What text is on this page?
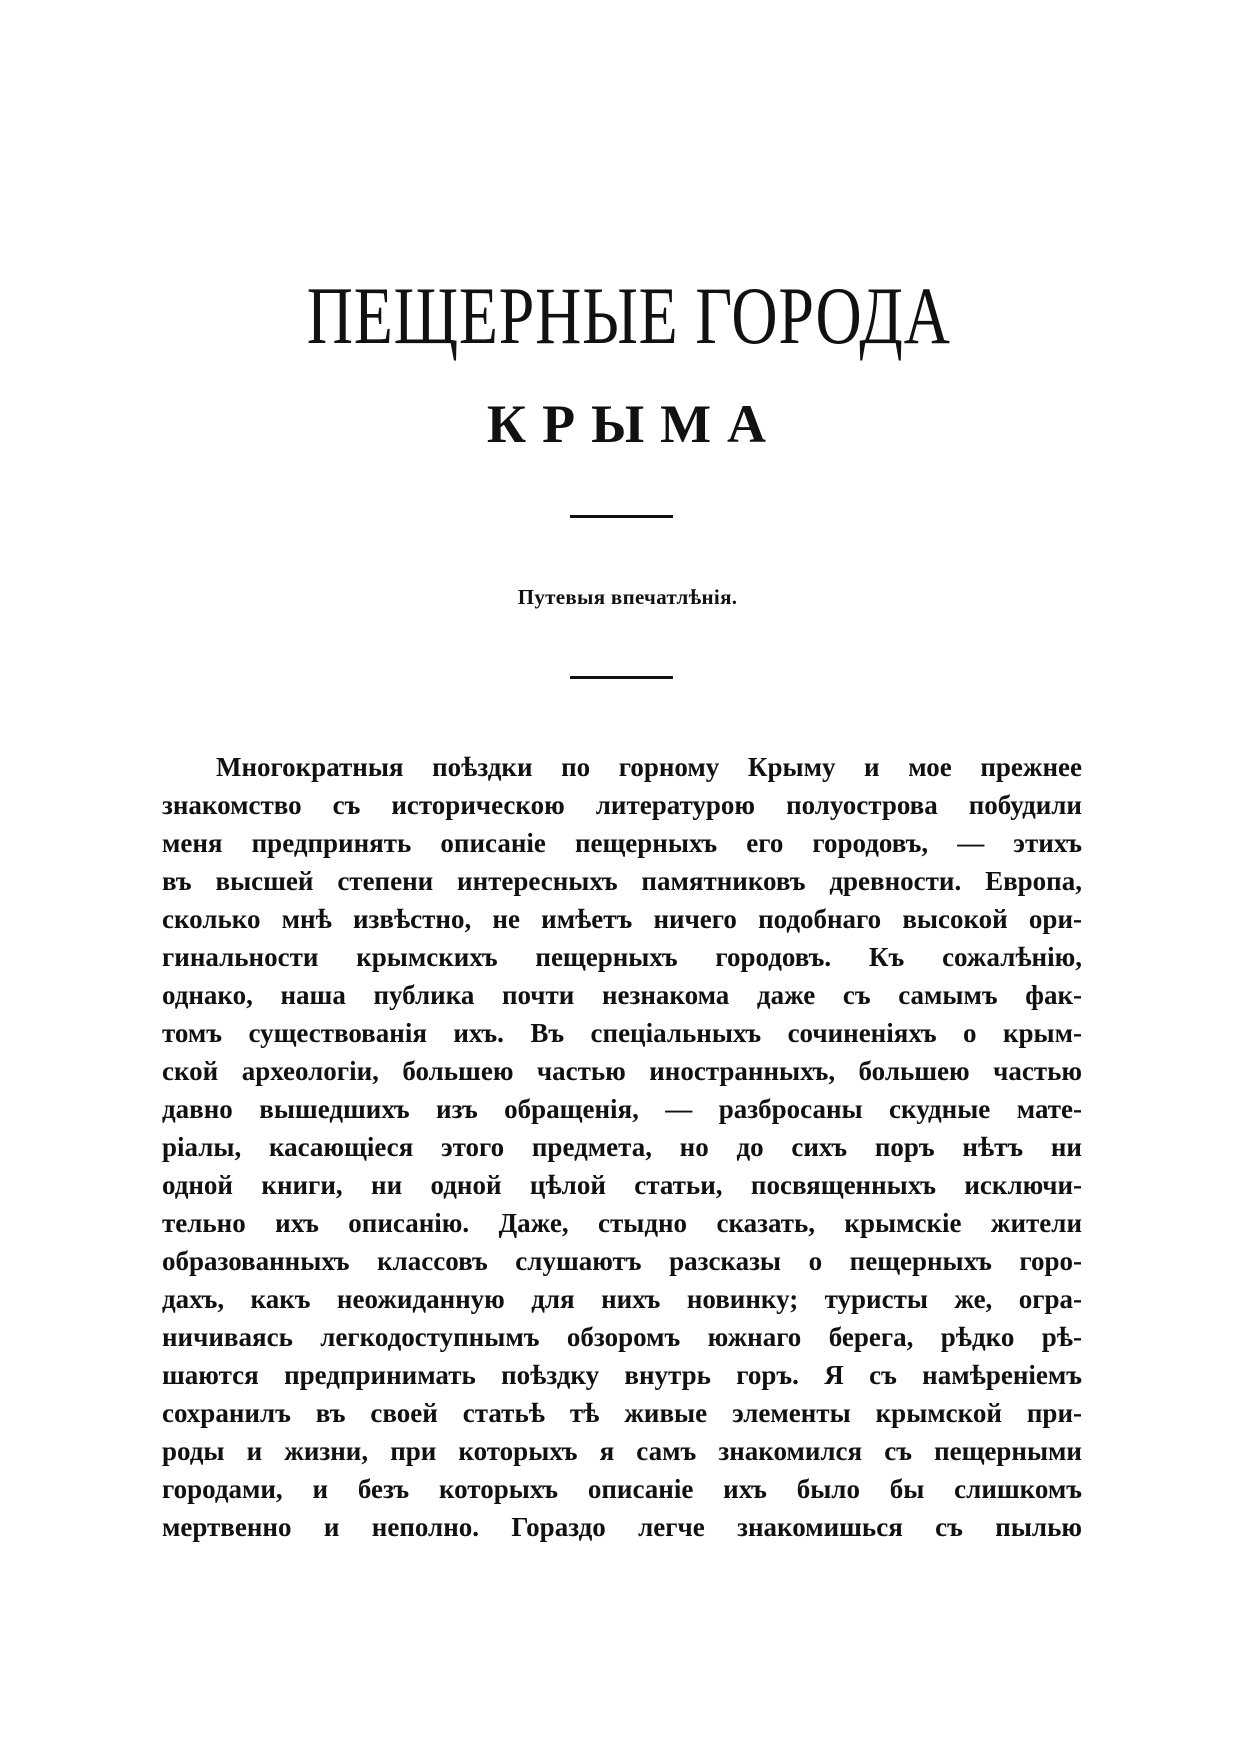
ПЕЩЕРНЫЕ ГОРОДА
КРЫМА
Путевыя впечатлѣнія.
Многократныя поѣздки по горному Крыму и мое прежнее
знакомство съ историческою литературою полуострова побудили
меня предпринять описаніе пещерныхъ его городовъ, — этихъ
въ высшей степени интересныхъ памятниковъ древности. Европа,
сколько мнѣ извѣстно, не имѣетъ ничего подобнаго высокой ори-
гинальности крымскихъ пещерныхъ городовъ. Къ сожалѣнію,
однако, наша публика почти незнакома даже съ самымъ фак-
томъ существованія ихъ. Въ спеціальныхъ сочиненіяхъ о крым-
ской археологіи, большею частью иностранныхъ, большею частью
давно вышедшихъ изъ обращенія, — разбросаны скудные мате-
ріалы, касающіеся этого предмета, но до сихъ поръ нѣтъ ни
одной книги, ни одной цѣлой статьи, посвященныхъ исключи-
тельно ихъ описанію. Даже, стыдно сказать, крымскіе жители
образованныхъ классовъ слушаютъ разсказы о пещерныхъ горо-
дахъ, какъ неожиданную для нихъ новинку; туристы же, огра-
ничиваясь легкодоступнымъ обзоромъ южнаго берега, рѣдко рѣ-
шаются предпринимать поѣздку внутрь горъ. Я съ намѣреніемъ
сохранилъ въ своей статьѣ тѣ живые элементы крымской при-
роды и жизни, при которыхъ я самъ знакомился съ пещерными
городами, и безъ которыхъ описаніе ихъ было бы слишкомъ
мертвенно и неполно. Гораздо легче знакомишься съ пылью
